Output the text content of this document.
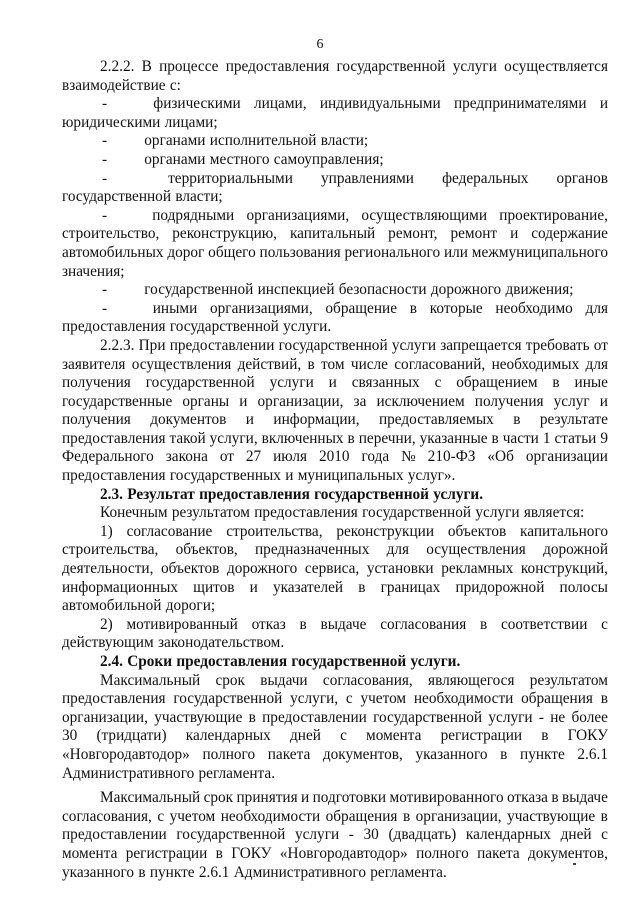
6
2.2.2. В процессе предоставления государственной услуги осуществляется
взаимодействие с:
-	физическими лицами, индивидуальными предпринимателями и
юридическими лицами;
-	органами исполнительной власти;
-	органами местного самоуправления;
-	территориальными управлениями федеральных органов
государственной власти;
-	подрядными организациями, осуществляющими проектирование,
строительство, реконструкцию, капитальный ремонт, ремонт и содержание
автомобильных дорог общего пользования регионального или межмуниципального
значения;
-	государственной инспекцией безопасности дорожного движения;
-	иными организациями, обращение в которые необходимо для
предоставления государственной услуги.
2.2.3. При предоставлении государственной услуги запрещается требовать от
заявителя осуществления действий, в том числе согласований, необходимых для
получения государственной услуги и связанных с обращением в иные
государственные органы и организации, за исключением получения услуг и
получения документов и информации, предоставляемых в результате
предоставления такой услуги, включенных в перечни, указанные в части 1 статьи 9
Федерального закона от 27 июля 2010 года № 210-ФЗ «Об организации
предоставления государственных и муниципальных услуг».
2.3. Результат предоставления государственной услуги.
Конечным результатом предоставления государственной услуги является:
1) согласование строительства, реконструкции объектов капитального
строительства, объектов, предназначенных для осуществления дорожной
деятельности, объектов дорожного сервиса, установки рекламных конструкций,
информационных щитов и указателей в границах придорожной полосы
автомобильной дороги;
2) мотивированный отказ в выдаче согласования в соответствии с
действующим законодательством.
2.4. Сроки предоставления государственной услуги.
Максимальный срок выдачи согласования, являющегося результатом
предоставления государственной услуги, с учетом необходимости обращения в
организации, участвующие в предоставлении государственной услуги - не более
30 (тридцати) календарных дней с момента регистрации в ГОКУ
«Новгородавтодор» полного пакета документов, указанного в пункте 2.6.1
Административного регламента.
Максимальный срок принятия и подготовки мотивированного отказа в выдаче
согласования, с учетом необходимости обращения в организации, участвующие в
предоставлении государственной услуги - 30 (двадцать) календарных дней с
момента регистрации в ГОКУ «Новгородавтодор» полного пакета документов,
указанного в пункте 2.6.1 Административного регламента.
